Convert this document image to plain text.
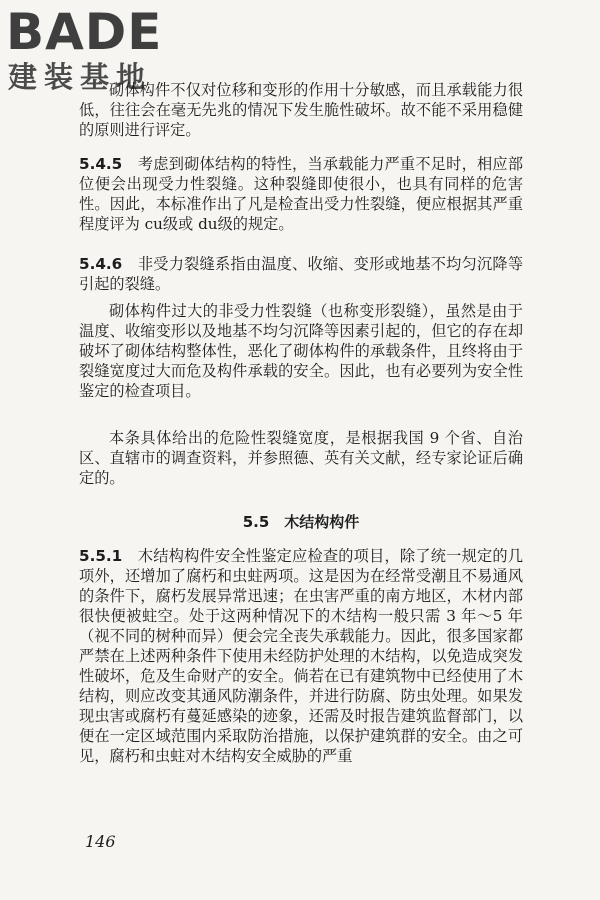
BADE
建装基地

砌体构件不仅对位移和变形的作用十分敏感，而且承载能力很低，往往会在毫无先兆的情况下发生脆性破坏。故不能不采用稳健的原则进行评定。

5.4.5　 考虑到砌体结构的特性，当承载能力严重不足时，相应部位便会出现受力性裂缝。这种裂缝即使很小，也具有同样的危害性。因此，本标准作出了凡是检查出受力性裂缝，便应根据其严重程度评为 cu级或 du级的规定。

5.4.6　 非受力裂缝系指由温度、收缩、变形或地基不均匀沉降等引起的裂缝。

砌体构件过大的非受力性裂缝（也称变形裂缝），虽然是由于温度、收缩变形以及地基不均匀沉降等因素引起的，但它的存在却破坏了砌体结构整体性，恶化了砌体构件的承载条件，且终将由于裂缝宽度过大而危及构件承载的安全。因此，也有必要列为安全性鉴定的检查项目。

本条具体给出的危险性裂缝宽度，是根据我国 9 个省、自治区、直辖市的调查资料，并参照德、英有关文献，经专家论证后确定的。

5.5　木结构构件

5.5.1　 木结构构件安全性鉴定应检查的项目，除了统一规定的几项外，还增加了腐朽和虫蛀两项。这是因为在经常受潮且不易通风的条件下，腐朽发展异常迅速；在虫害严重的南方地区，木材内部很快便被蛀空。处于这两种情况下的木结构一般只需 3 年～5 年（视不同的树种而异）便会完全丧失承载能力。因此，很多国家都严禁在上述两种条件下使用未经防护处理的木结构，以免造成突发性破坏，危及生命财产的安全。倘若在已有建筑物中已经使用了木结构，则应改变其通风防潮条件，并进行防腐、防虫处理。如果发现虫害或腐朽有蔓延感染的迹象，还需及时报告建筑监督部门，以便在一定区域范围内采取防治措施，以保护建筑群的安全。由之可见，腐朽和虫蛀对木结构安全威胁的严重

146
